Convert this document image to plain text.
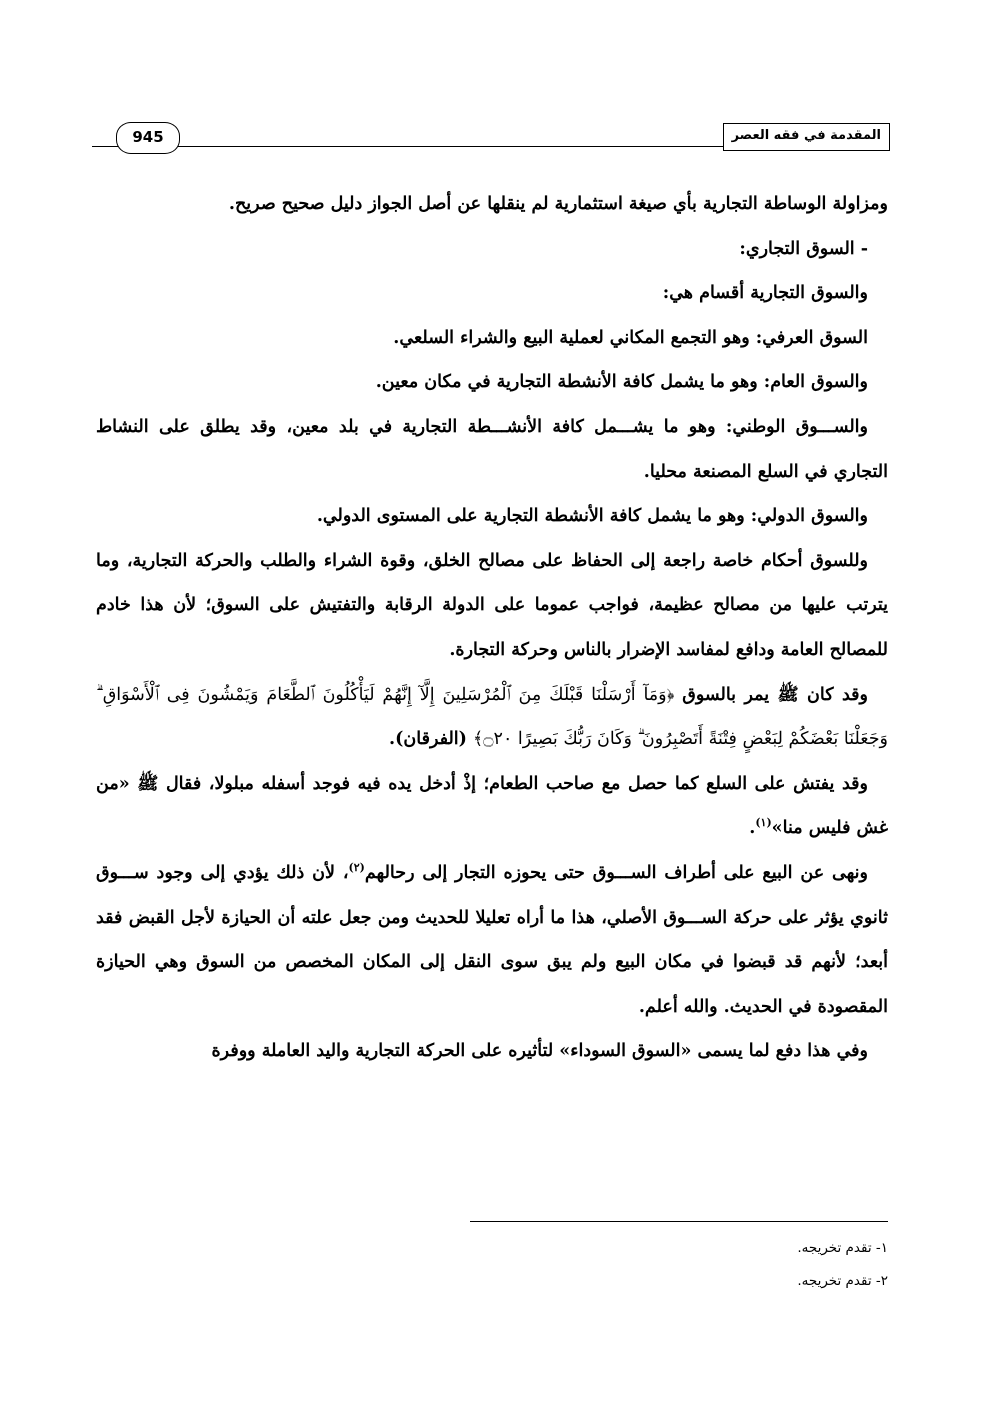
المقدمة في فقه العصر
945

ومزاولة الوساطة التجارية بأي صيغة استثمارية لم ينقلها عن أصل الجواز دليل صحيح صريح.

- السوق التجاري:

والسوق التجارية أقسام هي:

السوق العرفي: وهو التجمع المكاني لعملية البيع والشراء السلعي.

والسوق العام: وهو ما يشمل كافة الأنشطة التجارية في مكان معين.

والســـوق الوطني: وهو ما يشـــمل كافة الأنشـــطة التجارية في بلد معين، وقد يطلق على النشاط التجاري في السلع المصنعة محليا.

والسوق الدولي: وهو ما يشمل كافة الأنشطة التجارية على المستوى الدولي.

وللسوق أحكام خاصة راجعة إلى الحفاظ على مصالح الخلق، وقوة الشراء والطلب والحركة التجارية، وما يترتب عليها من مصالح عظيمة، فواجب عموما على الدولة الرقابة والتفتيش على السوق؛ لأن هذا خادم للمصالح العامة ودافع لمفاسد الإضرار بالناس وحركة التجارة.

وقد كان ﷺ يمر بالسوق ﴿وَمَآ أَرْسَلْنَا قَبْلَكَ مِنَ ٱلْمُرْسَلِينَ إِلَّآ إِنَّهُمْ لَيَأْكُلُونَ ٱلطَّعَامَ وَيَمْشُونَ فِى ٱلْأَسْوَاقِ ۗ وَجَعَلْنَا بَعْضَكُمْ لِبَعْضٍ فِتْنَةً أَتَصْبِرُونَ ۗ وَكَانَ رَبُّكَ بَصِيرًا ۝٢٠﴾ (الفرقان).

وقد يفتش على السلع كما حصل مع صاحب الطعام؛ إذْ أدخل يده فيه فوجد أسفله مبلولا، فقال ﷺ «من غش فليس منا»$^{(١)}$.

ونهى عن البيع على أطراف الســـوق حتى يحوزه التجار إلى رحالهم$^{(٢)}$، لأن ذلك يؤدي إلى وجود ســـوق ثانوي يؤثر على حركة الســـوق الأصلي، هذا ما أراه تعليلا للحديث ومن جعل علته أن الحيازة لأجل القبض فقد أبعد؛ لأنهم قد قبضوا في مكان البيع ولم يبق سوى النقل إلى المكان المخصص من السوق وهي الحيازة المقصودة في الحديث. والله أعلم.

وفي هذا دفع لما يسمى «السوق السوداء» لتأثيره على الحركة التجارية واليد العاملة ووفرة

١- تقدم تخريجه.

٢- تقدم تخريجه.
